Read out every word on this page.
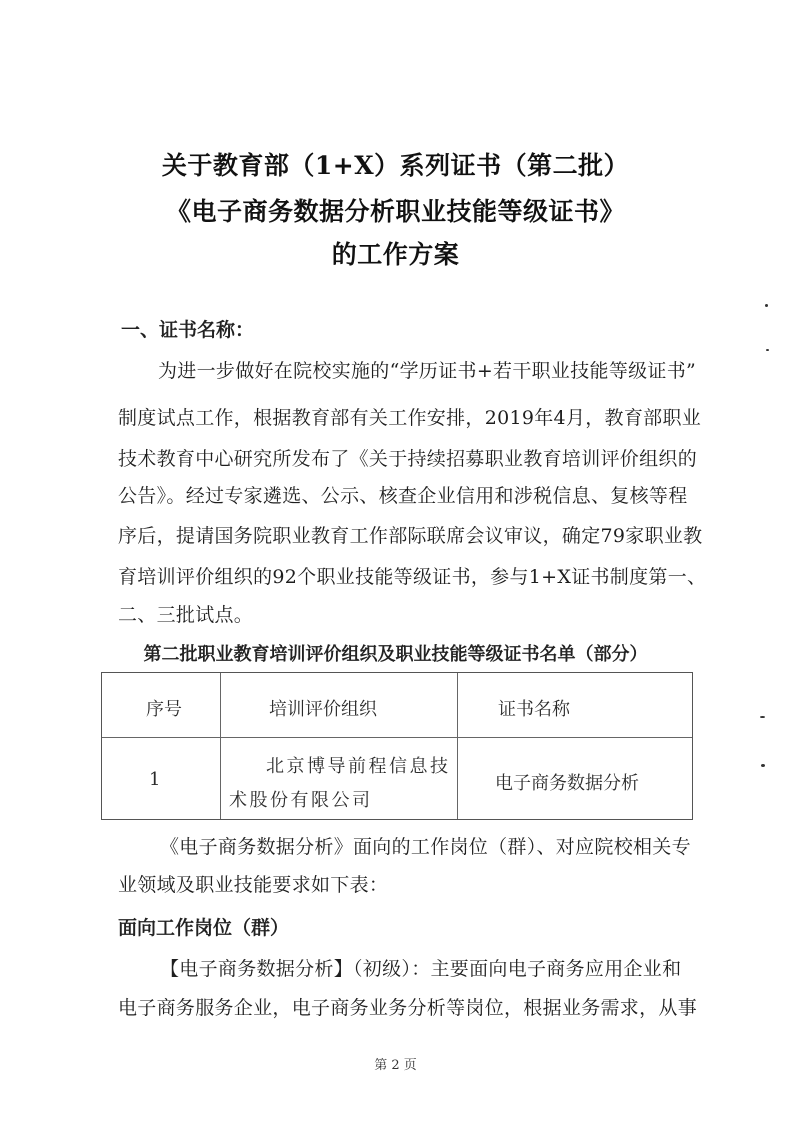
关于教育部（1+X）系列证书（第二批）
《电子商务数据分析职业技能等级证书》
的工作方案
一、证书名称：
为进一步做好在院校实施的“学历证书+若干职业技能等级证书”
制度试点工作，根据教育部有关工作安排，2019年4月，教育部职业
技术教育中心研究所发布了《关于持续招募职业教育培训评价组织的
公告》。经过专家遴选、公示、核查企业信用和涉税信息、复核等程
序后，提请国务院职业教育工作部际联席会议审议，确定79家职业教
育培训评价组织的92个职业技能等级证书，参与1+X证书制度第一、
二、三批试点。
第二批职业教育培训评价组织及职业技能等级证书名单（部分）
序号	培训评价组织	证书名称
1
北京博导前程信息技
术股份有限公司
电子商务数据分析
《电子商务数据分析》面向的工作岗位（群）、对应院校相关专
业领域及职业技能要求如下表：
面向工作岗位（群）
【电子商务数据分析】（初级）：主要面向电子商务应用企业和
电子商务服务企业，电子商务业务分析等岗位，根据业务需求，从事
第 2 页
